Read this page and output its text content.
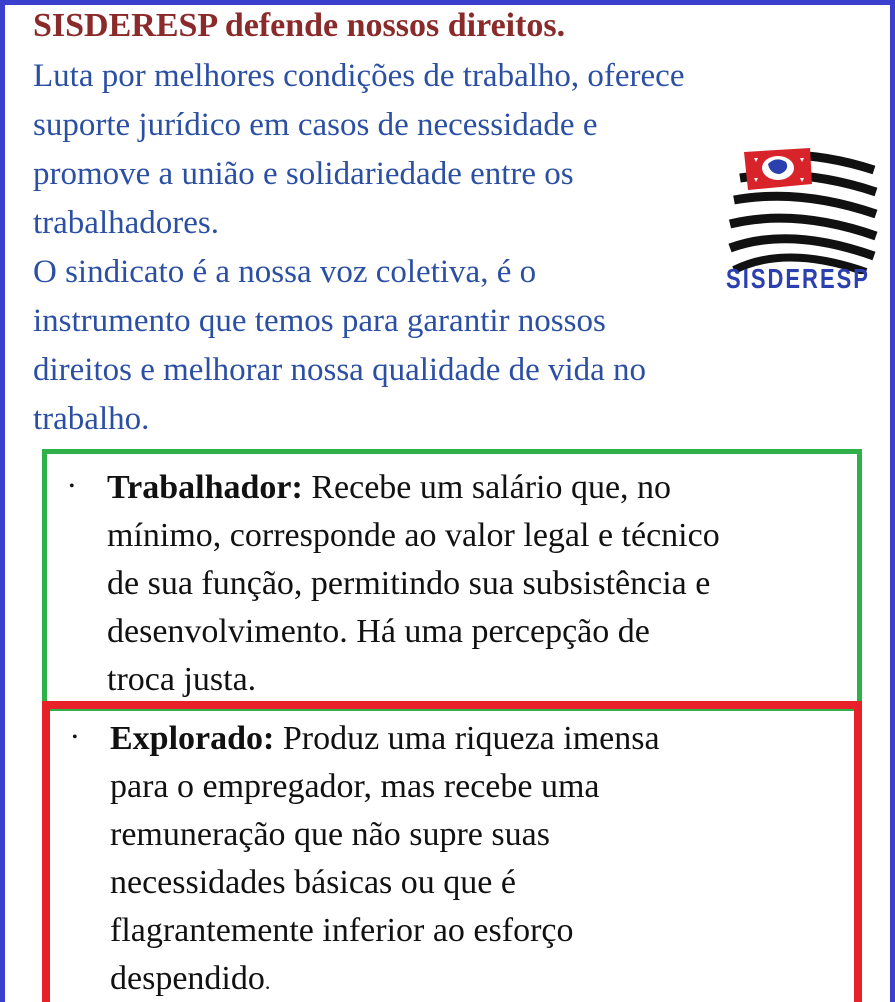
SISDERESP defende nossos direitos.

Luta por melhores condições de trabalho, oferece
suporte jurídico em casos de necessidade e
promove a união e solidariedade entre os
trabalhadores.

O sindicato é a nossa voz coletiva, é o
instrumento que temos para garantir nossos
direitos e melhorar nossa qualidade de vida no
trabalho.

SISDERESP
• Trabalhador: Recebe um salário que, no
mínimo, corresponde ao valor legal e técnico
de sua função, permitindo sua subsistência e
desenvolvimento. Há uma percepção de
troca justa.
• Explorado: Produz uma riqueza imensa
para o empregador, mas recebe uma
remuneração que não supre suas
necessidades básicas ou que é
flagrantemente inferior ao esforço
despendido.
